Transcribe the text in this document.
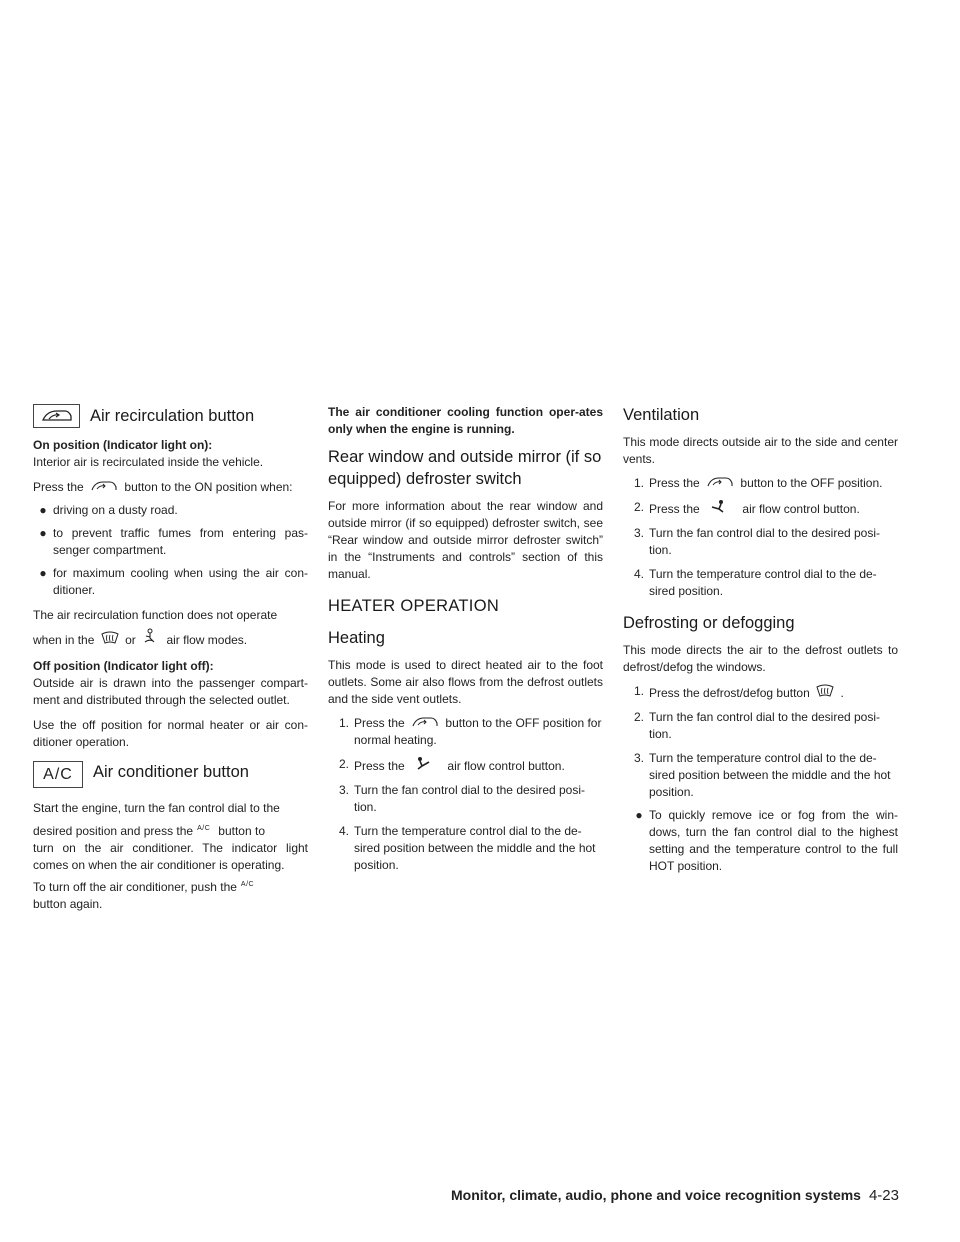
Air recirculation button

On position (Indicator light on):

Interior air is recirculated inside the vehicle.

Press the	button to the ON position when:

● driving on a dusty road.
● to prevent traffic fumes from entering pas-senger compartment.
● for maximum cooling when using the air con-ditioner.

The air recirculation function does not operate

when in the	or	air flow modes.

Off position (Indicator light off):

Outside air is drawn into the passenger compart-ment and distributed through the selected outlet.

Use the off position for normal heater or air con-ditioner operation.

A/C	Air conditioner button

Start the engine, turn the fan control dial to the

desired position and press the $^{A/C}$ button to

turn on the air conditioner. The indicator light comes on when the air conditioner is operating.

To turn off the air conditioner, push the $^{A/C}$

button again.

The air conditioner cooling function oper-ates only when the engine is running.

Rear window and outside mirror (if so equipped) defroster switch

For more information about the rear window and outside mirror (if so equipped) defroster switch, see “Rear window and outside mirror defroster switch” in the “Instruments and controls” section of this manual.

HEATER OPERATION
Heating

This mode is used to direct heated air to the foot outlets. Some air also flows from the defrost outlets and the side vent outlets.

1. Press the	button to the OFF position for normal heating.
2. Press the	air flow control button.
3. Turn the fan control dial to the desired posi-tion.
4. Turn the temperature control dial to the de-sired position between the middle and the hot position.
Ventilation

This mode directs outside air to the side and center vents.

1. Press the	button to the OFF position.
2. Press the	air flow control button.
3. Turn the fan control dial to the desired posi-tion.
4. Turn the temperature control dial to the de-sired position.
Defrosting or defogging

This mode directs the air to the defrost outlets to defrost/defog the windows.

1. Press the defrost/defog button	.
2. Turn the fan control dial to the desired posi-tion.
3. Turn the temperature control dial to the de-sired position between the middle and the hot position.
● To quickly remove ice or fog from the win-dows, turn the fan control dial to the highest setting and the temperature control to the full HOT position.
Monitor, climate, audio, phone and voice recognition systems 4-23
